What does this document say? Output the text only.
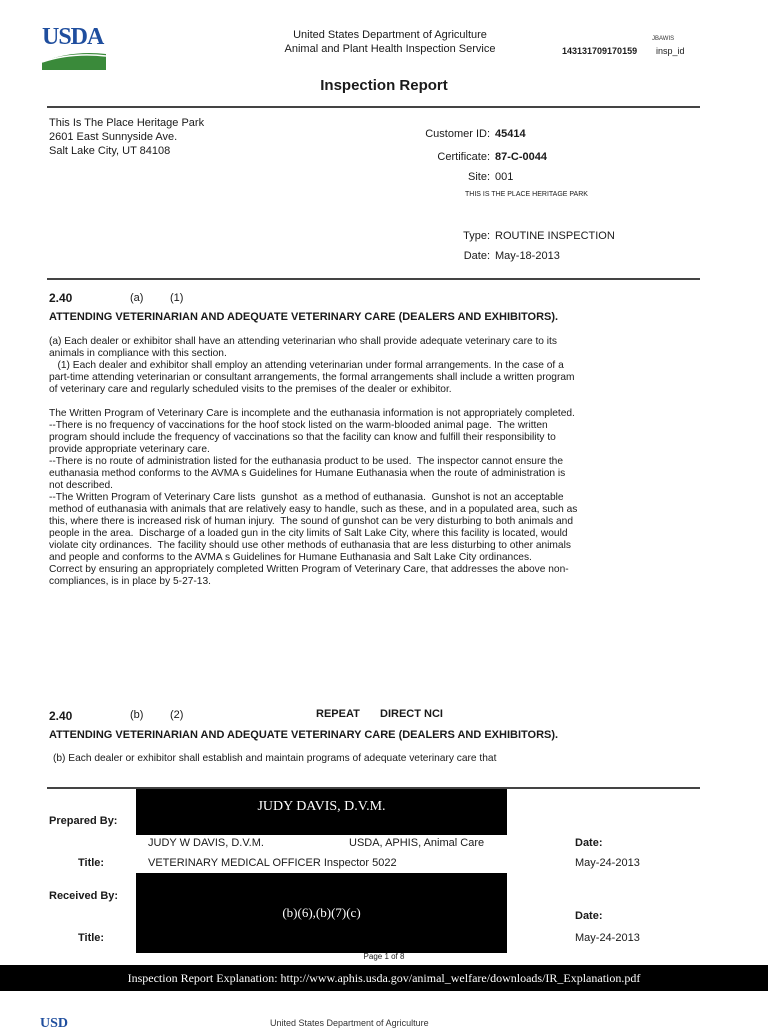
USDA	United States Department of Agriculture
Animal and Plant Health Inspection Service
JBAWIS
143131709170159 insp_id
Inspection Report
This Is The Place Heritage Park
2601 East Sunnyside Ave.
Salt Lake City, UT 84108
Customer ID: 45414
Certificate: 87-C-0044
Site: 001
THIS IS THE PLACE HERITAGE PARK
Type: ROUTINE INSPECTION
Date: May-18-2013
2.40	(a) (1)
ATTENDING VETERINARIAN AND ADEQUATE VETERINARY CARE (DEALERS AND EXHIBITORS).
(a) Each dealer or exhibitor shall have an attending veterinarian who shall provide adequate veterinary care to its
animals in compliance with this section.
(1) Each dealer and exhibitor shall employ an attending veterinarian under formal arrangements. In the case of a
part-time attending veterinarian or consultant arrangements, the formal arrangements shall include a written program
of veterinary care and regularly scheduled visits to the premises of the dealer or exhibitor.
The Written Program of Veterinary Care is incomplete and the euthanasia information is not appropriately completed.
--There is no frequency of vaccinations for the hoof stock listed on the warm-blooded animal page.  The written
program should include the frequency of vaccinations so that the facility can know and fulfill their responsibility to
provide appropriate veterinary care.
--There is no route of administration listed for the euthanasia product to be used.  The inspector cannot ensure the
euthanasia method conforms to the AVMA s Guidelines for Humane Euthanasia when the route of administration is
not described.
--The Written Program of Veterinary Care lists  gunshot  as a method of euthanasia.  Gunshot is not an acceptable
method of euthanasia with animals that are relatively easy to handle, such as these, and in a populated area, such as
this, where there is increased risk of human injury.  The sound of gunshot can be very disturbing to both animals and
people in the area.  Discharge of a loaded gun in the city limits of Salt Lake City, where this facility is located, would
violate city ordinances.  The facility should use other methods of euthanasia that are less disturbing to other animals
and people and conforms to the AVMA s Guidelines for Humane Euthanasia and Salt Lake City ordinances.
Correct by ensuring an appropriately completed Written Program of Veterinary Care, that addresses the above non-
compliances, is in place by 5-27-13.
2.40	(b) (2)	REPEAT DIRECT NCI
ATTENDING VETERINARIAN AND ADEQUATE VETERINARY CARE (DEALERS AND EXHIBITORS).
(b) Each dealer or exhibitor shall establish and maintain programs of adequate veterinary care that
Prepared By:
JUDY DAVIS, D.V.M.
JUDY W DAVIS, D.V.M.	USDA, APHIS, Animal Care	Date:
Title:	VETERINARY MEDICAL OFFICER Inspector 5022	May-24-2013
Received By:
(b)(6),(b)(7)(c)	Date:
Title:	May-24-2013
Page 1 of 8
Inspection Report Explanation: http://www.aphis.usda.gov/animal_welfare/downloads/IR_Explanation.pdf
USD	United States Department of Agriculture
